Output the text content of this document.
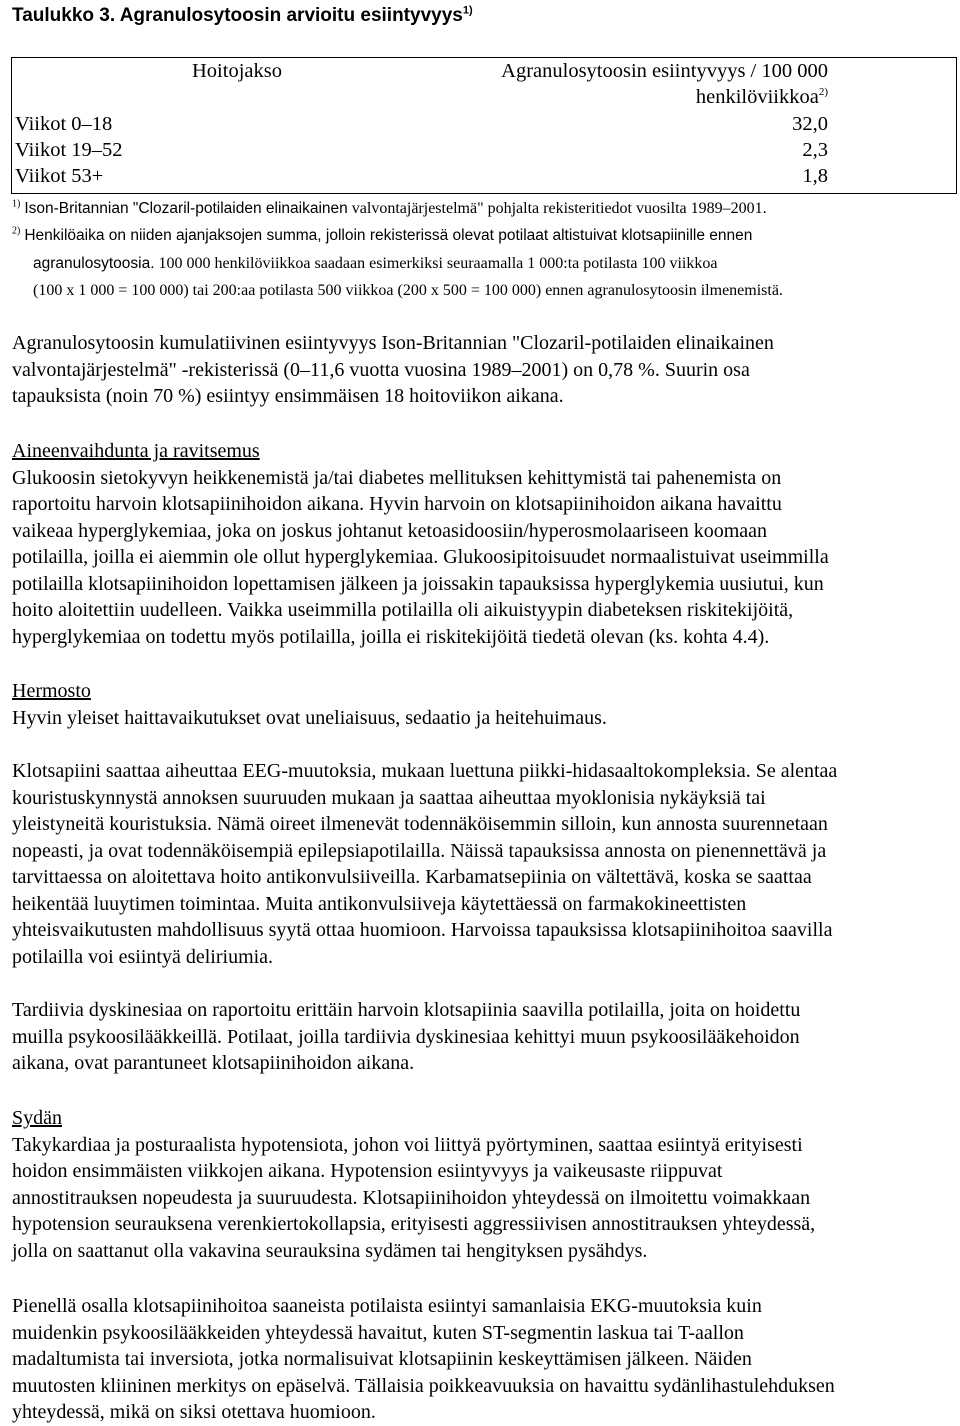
Taulukko 3. Agranulosytoosin arvioitu esiintyvyys$^{1)}$
Hoitojakso	Agranulosytoosin esiintyvyys / 100 000
henkilöviikkoa$^{2)}$
Viikot 0–18	32,0
Viikot 19–52	2,3
Viikot 53+	1,8
$^{1)}$ Ison-Britannian "Clozaril-potilaiden elinaikainen valvontajärjestelmä" pohjalta rekisteritiedot vuosilta 1989–2001.
$^{2)}$ Henkilöaika on niiden ajanjaksojen summa, jolloin rekisterissä olevat potilaat altistuivat klotsapiinille ennen
agranulosytoosia. 100 000 henkilöviikkoa saadaan esimerkiksi seuraamalla 1 000:ta potilasta 100 viikkoa
(100 x 1 000 = 100 000) tai 200:aa potilasta 500 viikkoa (200 x 500 = 100 000) ennen agranulosytoosin ilmenemistä.
Agranulosytoosin kumulatiivinen esiintyvyys Ison-Britannian "Clozaril-potilaiden elinaikainen
valvontajärjestelmä" -rekisterissä (0–11,6 vuotta vuosina 1989–2001) on 0,78 %. Suurin osa
tapauksista (noin 70 %) esiintyy ensimmäisen 18 hoitoviikon aikana.
Aineenvaihdunta ja ravitsemus
Glukoosin sietokyvyn heikkenemistä ja/tai diabetes mellituksen kehittymistä tai pahenemista on
raportoitu harvoin klotsapiinihoidon aikana. Hyvin harvoin on klotsapiinihoidon aikana havaittu
vaikeaa hyperglykemiaa, joka on joskus johtanut ketoasidoosiin/hyperosmolaariseen koomaan
potilailla, joilla ei aiemmin ole ollut hyperglykemiaa. Glukoosipitoisuudet normaalistuivat useimmilla
potilailla klotsapiinihoidon lopettamisen jälkeen ja joissakin tapauksissa hyperglykemia uusiutui, kun
hoito aloitettiin uudelleen. Vaikka useimmilla potilailla oli aikuistyypin diabeteksen riskitekijöitä,
hyperglykemiaa on todettu myös potilailla, joilla ei riskitekijöitä tiedetä olevan (ks. kohta 4.4).
Hermosto
Hyvin yleiset haittavaikutukset ovat uneliaisuus, sedaatio ja heitehuimaus.
Klotsapiini saattaa aiheuttaa EEG-muutoksia, mukaan luettuna piikki-hidasaaltokompleksia. Se alentaa
kouristuskynnystä annoksen suuruuden mukaan ja saattaa aiheuttaa myoklonisia nykäyksiä tai
yleistyneitä kouristuksia. Nämä oireet ilmenevät todennäköisemmin silloin, kun annosta suurennetaan
nopeasti, ja ovat todennäköisempiä epilepsiapotilailla. Näissä tapauksissa annosta on pienennettävä ja
tarvittaessa on aloitettava hoito antikonvulsiiveilla. Karbamatsepiinia on vältettävä, koska se saattaa
heikentää luuytimen toimintaa. Muita antikonvulsiiveja käytettäessä on farmakokineettisten
yhteisvaikutusten mahdollisuus syytä ottaa huomioon. Harvoissa tapauksissa klotsapiinihoitoa saavilla
potilailla voi esiintyä deliriumia.
Tardiivia dyskinesiaa on raportoitu erittäin harvoin klotsapiinia saavilla potilailla, joita on hoidettu
muilla psykoosilääkkeillä. Potilaat, joilla tardiivia dyskinesiaa kehittyi muun psykoosilääkehoidon
aikana, ovat parantuneet klotsapiinihoidon aikana.
Sydän
Takykardiaa ja posturaalista hypotensiota, johon voi liittyä pyörtyminen, saattaa esiintyä erityisesti
hoidon ensimmäisten viikkojen aikana. Hypotension esiintyvyys ja vaikeusaste riippuvat
annostitrauksen nopeudesta ja suuruudesta. Klotsapiinihoidon yhteydessä on ilmoitettu voimakkaan
hypotension seurauksena verenkiertokollapsia, erityisesti aggressiivisen annostitrauksen yhteydessä,
jolla on saattanut olla vakavina seurauksina sydämen tai hengityksen pysähdys.
Pienellä osalla klotsapiinihoitoa saaneista potilaista esiintyi samanlaisia EKG-muutoksia kuin
muidenkin psykoosilääkkeiden yhteydessä havaitut, kuten ST-segmentin laskua tai T-aallon
madaltumista tai inversiota, jotka normalisuivat klotsapiinin keskeyttämisen jälkeen. Näiden
muutosten kliininen merkitys on epäselvä. Tällaisia poikkeavuuksia on havaittu sydänlihastulehduksen
yhteydessä, mikä on siksi otettava huomioon.
